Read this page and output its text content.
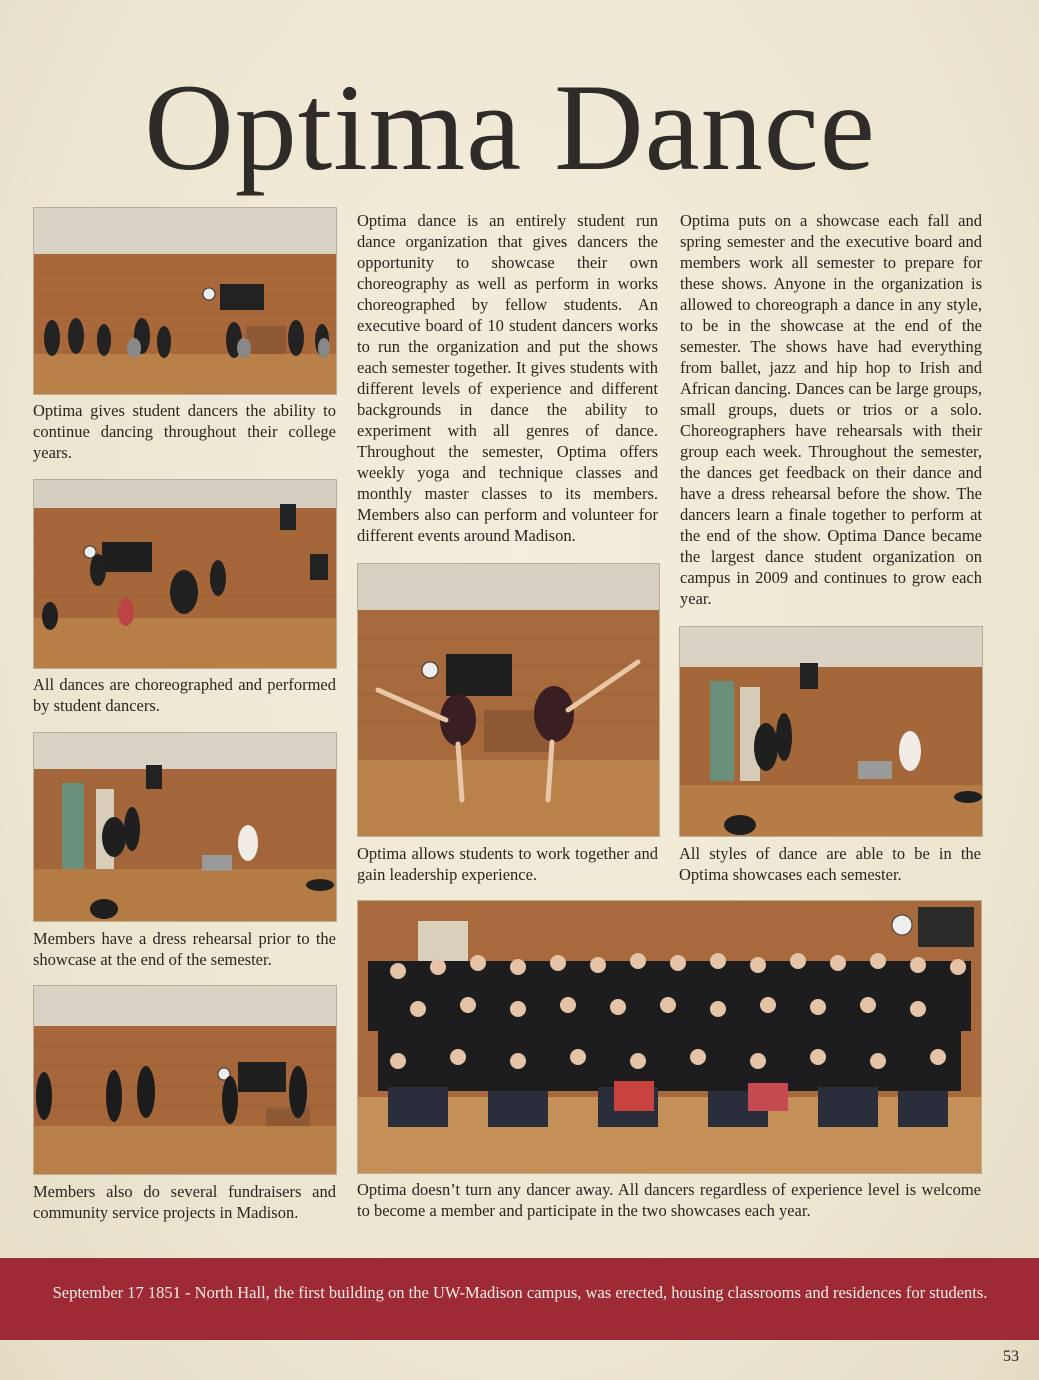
Optima Dance
Optima gives student dancers the ability to continue dancing throughout their college years.
All dances are choreographed and performed by student dancers.
Members have a dress rehearsal prior to the showcase at the end of the semester.
Members also do several fundraisers and community service projects in Madison.
Optima dance is an entirely student run dance organization that gives dancers the opportunity to showcase their own choreography as well as perform in works choreographed by fellow students. An executive board of 10 student dancers works to run the organization and put the shows each semester together. It gives students with different levels of experience and different backgrounds in dance the ability to experiment with all genres of dance. Throughout the semester, Optima offers weekly yoga and technique classes and monthly master classes to its members. Members also can perform and volunteer for different events around Madison.
Optima puts on a showcase each fall and spring semester and the executive board and members work all semester to prepare for these shows. Anyone in the organization is allowed to choreograph a dance in any style, to be in the showcase at the end of the semester. The shows have had everything from ballet, jazz and hip hop to Irish and African dancing. Dances can be large groups, small groups, duets or trios or a solo. Choreographers have rehearsals with their group each week. Throughout the semester, the dances get feedback on their dance and have a dress rehearsal before the show. The dancers learn a finale together to perform at the end of the show. Optima Dance became the largest dance student organization on campus in 2009 and continues to grow each year.
Optima allows students to work together and gain leadership experience.
All styles of dance are able to be in the Optima showcases each semester.
Optima doesn’t turn any dancer away. All dancers regardless of experience level is welcome to become a member and participate in the two showcases each year.
September 17 1851 - North Hall, the first building on the UW-Madison campus, was erected, housing classrooms and residences for students.
53
